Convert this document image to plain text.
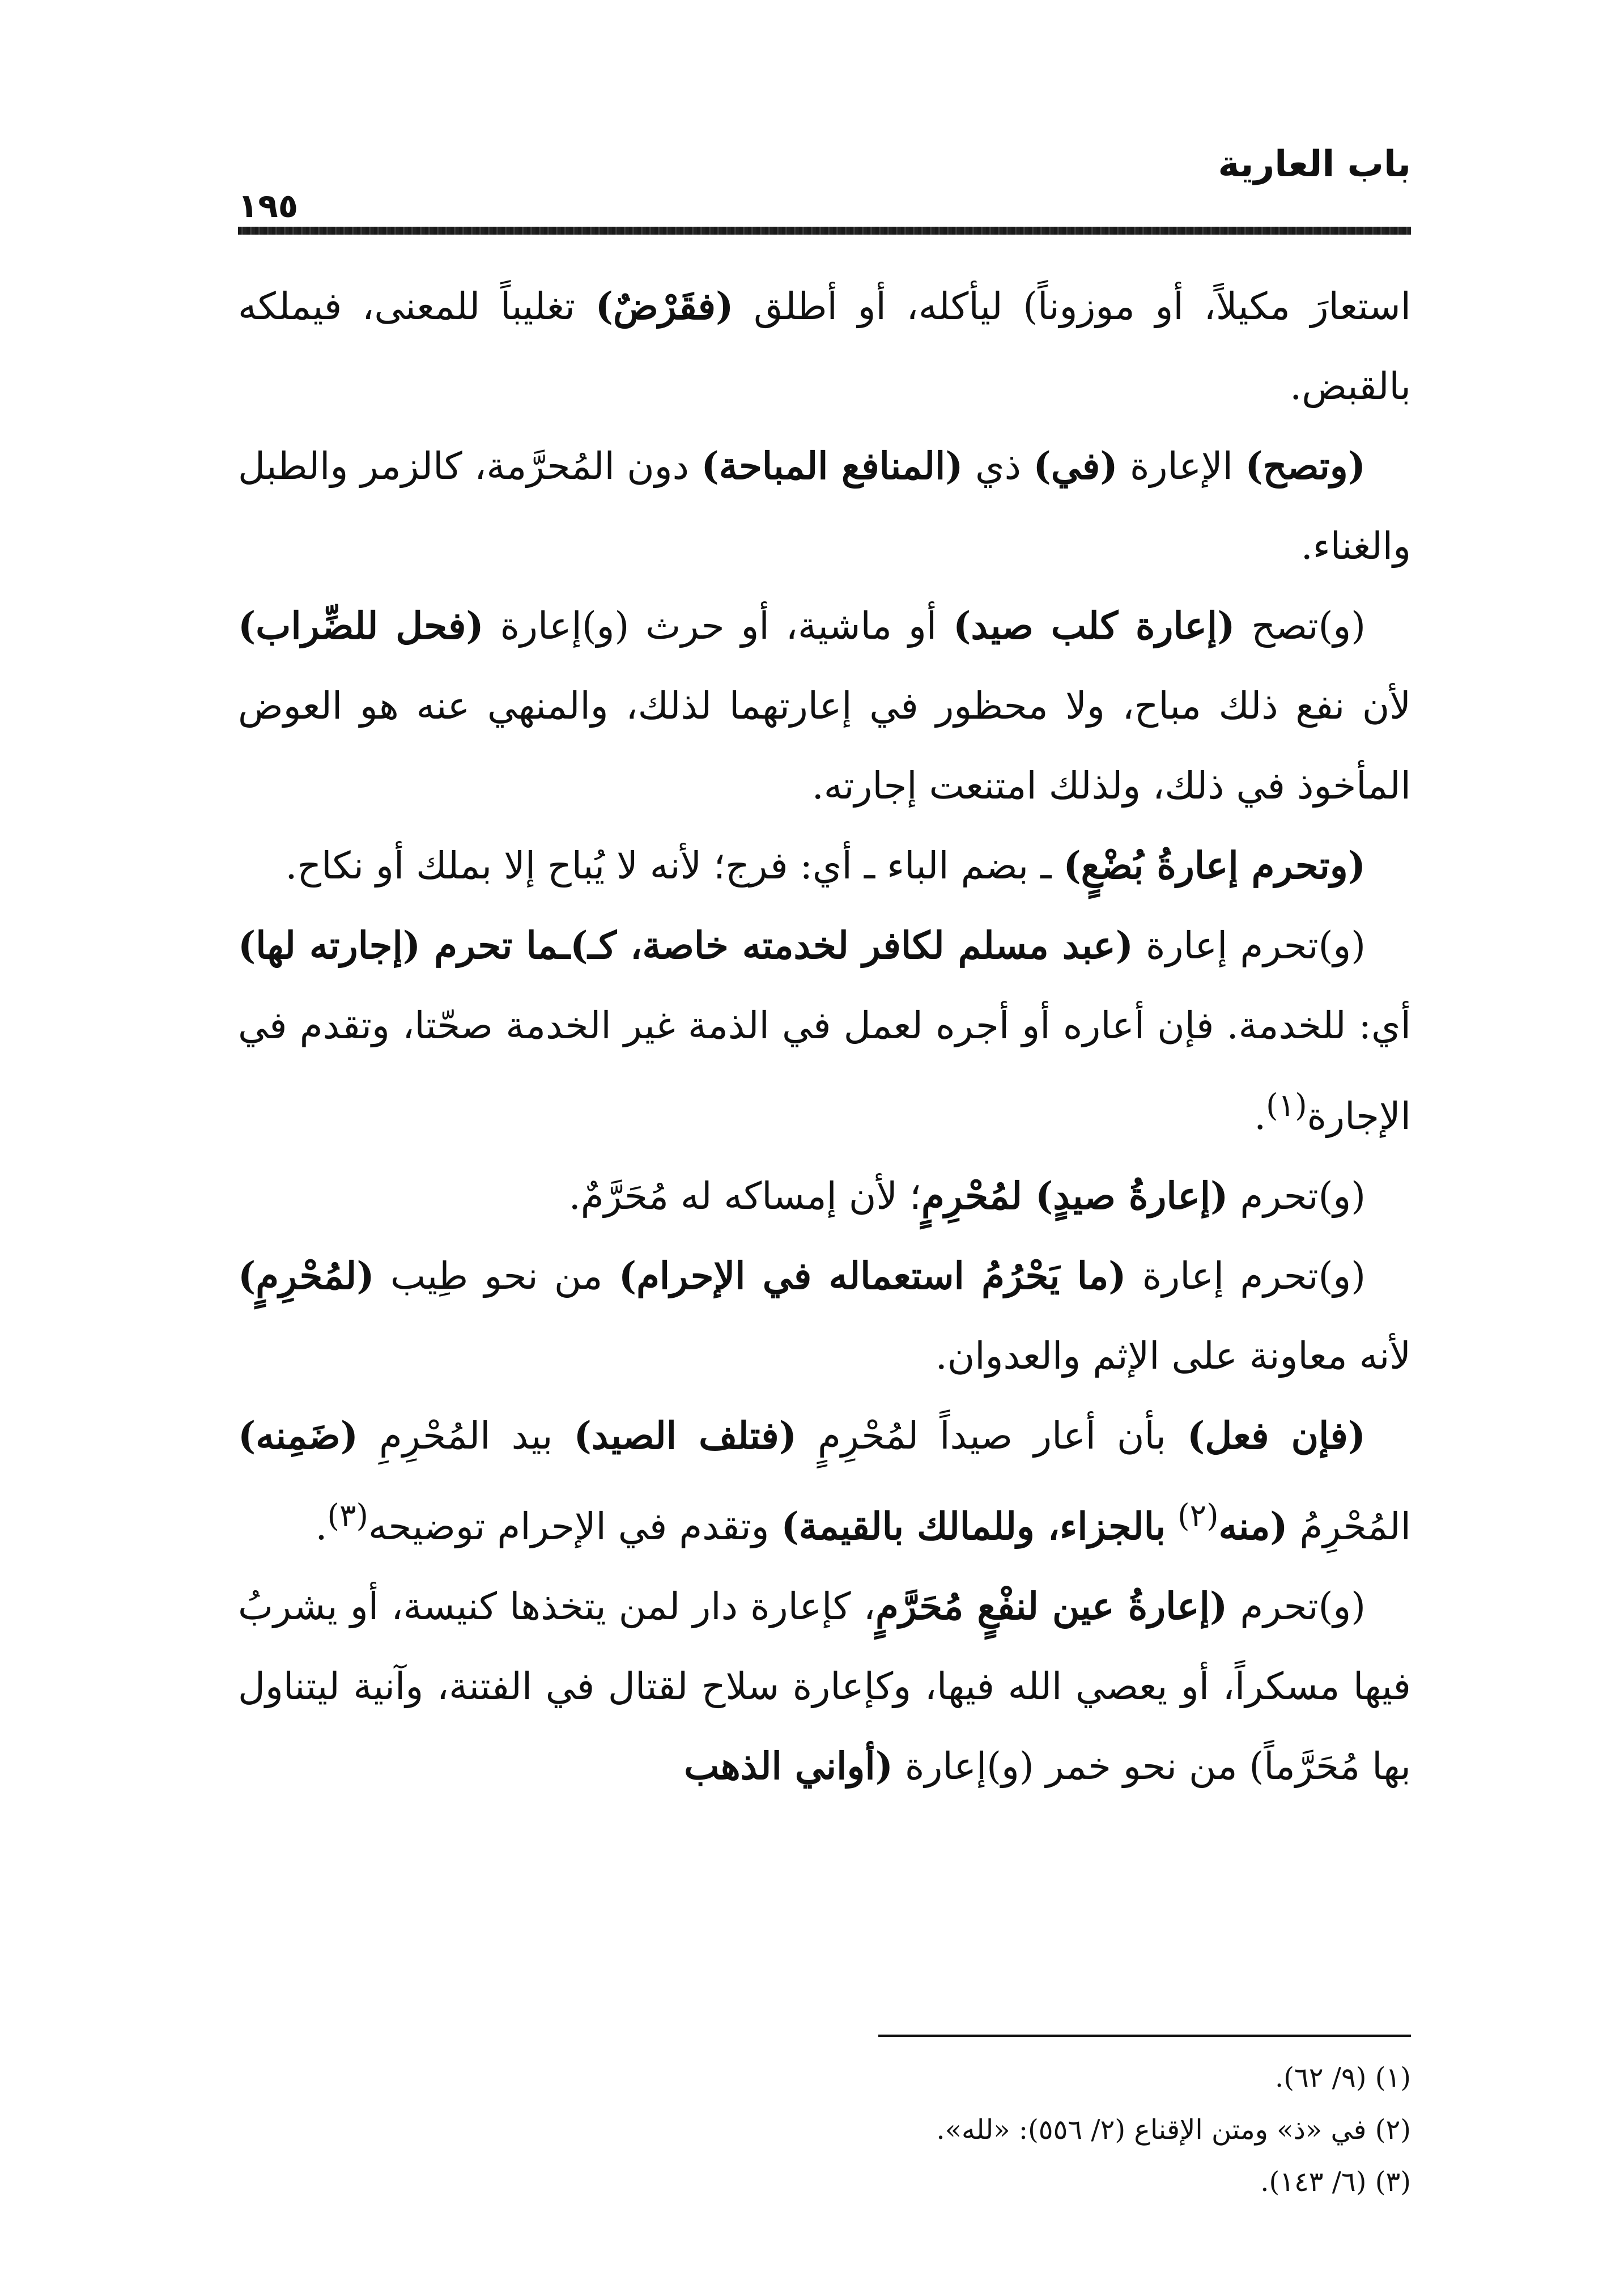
باب العارية
١٩٥

استعارَ مكيلاً، أو موزوناً) ليأكله، أو أطلق (فقَرْضٌ) تغليباً للمعنى، فيملكه بالقبض.

(وتصح) الإعارة (في) ذي (المنافع المباحة) دون المُحرَّمة، كالزمر والطبل والغناء.

(و)تصح (إعارة كلب صيد) أو ماشية، أو حرث (و)إعارة (فحل للضِّراب) لأن نفع ذلك مباح، ولا محظور في إعارتهما لذلك، والمنهي عنه هو العوض المأخوذ في ذلك، ولذلك امتنعت إجارته.

(وتحرم إعارةُ بُضْعٍ) ـ بضم الباء ـ أي: فرج؛ لأنه لا يُباح إلا بملك أو نكاح.

(و)تحرم إعارة (عبد مسلم لكافر لخدمته خاصة، كـ)ـما تحرم (إجارته لها) أي: للخدمة. فإن أعاره أو أجره لعمل في الذمة غير الخدمة صحّتا، وتقدم في الإجارة$^{(١)}$.

(و)تحرم (إعارةُ صيدٍ) لمُحْرِمٍ؛ لأن إمساكه له مُحَرَّمٌ.

(و)تحرم إعارة (ما يَحْرُمُ استعماله في الإحرام) من نحو طِيب (لمُحْرِمٍ) لأنه معاونة على الإثم والعدوان.

(فإن فعل) بأن أعار صيداً لمُحْرِمٍ (فتلف الصيد) بيد المُحْرِمِ (ضَمِنه) المُحْرِمُ (منه$^{(٢)}$ بالجزاء، وللمالك بالقيمة) وتقدم في الإحرام توضيحه$^{(٣)}$.

(و)تحرم (إعارةُ عين لنفْعٍ مُحَرَّمٍ، كإعارة دار لمن يتخذها كنيسة، أو يشربُ فيها مسكراً، أو يعصي الله فيها، وكإعارة سلاح لقتال في الفتنة، وآنية ليتناول بها مُحَرَّماً) من نحو خمر (و)إعارة (أواني الذهب

(١) (٩/ ٦٢).

(٢) في «ذ» ومتن الإقناع (٢/ ٥٥٦): «لله».

(٣) (٦/ ١٤٣).
